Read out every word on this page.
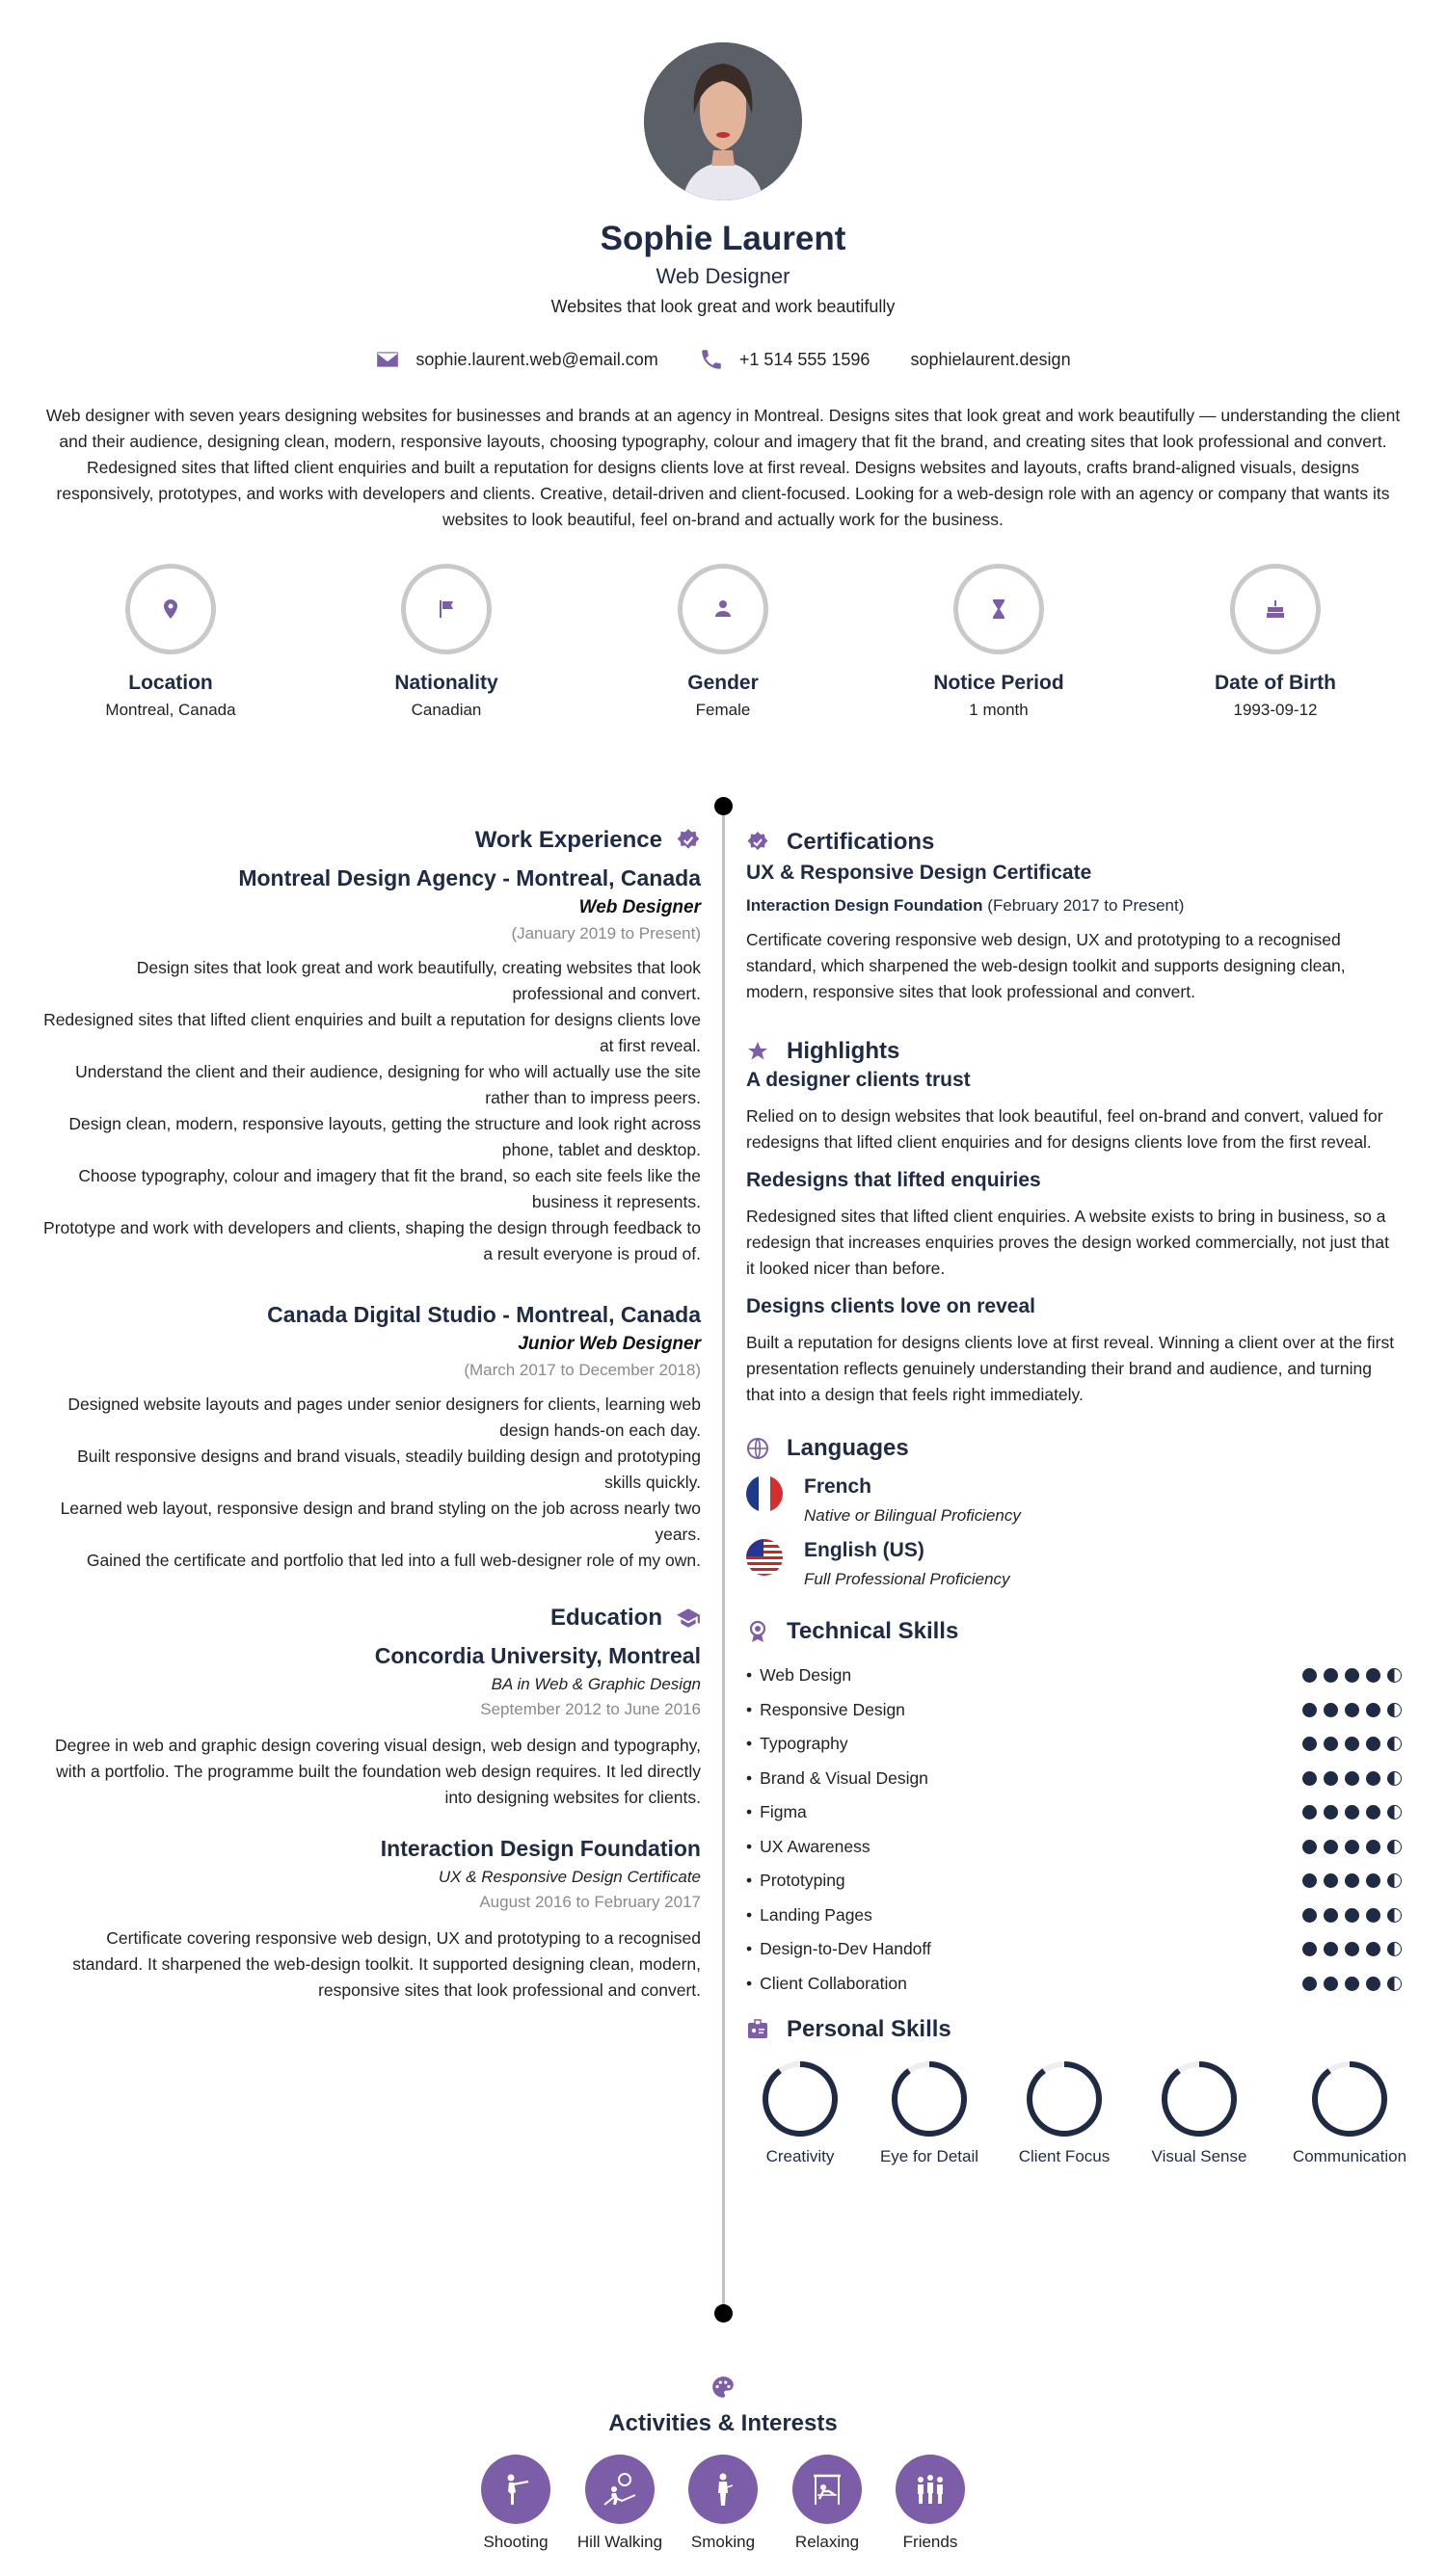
Sophie Laurent
Web Designer
Websites that look great and work beautifully
sophie.laurent.web@email.com	+1 514 555 1596 sophielaurent.design
Web designer with seven years designing websites for businesses and brands at an agency in Montreal. Designs sites that look great and work beautifully — understanding the client and their audience, designing clean, modern, responsive layouts, choosing typography, colour and imagery that fit the brand, and creating sites that look professional and convert. Redesigned sites that lifted client enquiries and built a reputation for designs clients love at first reveal. Designs websites and layouts, crafts brand-aligned visuals, designs responsively, prototypes, and works with developers and clients. Creative, detail-driven and client-focused. Looking for a web-design role with an agency or company that wants its websites to look beautiful, feel on-brand and actually work for the business.
Location
Montreal, Canada
Nationality
Canadian
Gender
Female
Notice Period
1 month
Date of Birth
1993-09-12
Work Experience
Montreal Design Agency - Montreal, Canada
Web Designer
(January 2019 to Present)
Design sites that look great and work beautifully, creating websites that look professional and convert.
Redesigned sites that lifted client enquiries and built a reputation for designs clients love at first reveal.
Understand the client and their audience, designing for who will actually use the site rather than to impress peers.
Design clean, modern, responsive layouts, getting the structure and look right across phone, tablet and desktop.
Choose typography, colour and imagery that fit the brand, so each site feels like the business it represents.
Prototype and work with developers and clients, shaping the design through feedback to a result everyone is proud of.
Canada Digital Studio - Montreal, Canada
Junior Web Designer
(March 2017 to December 2018)
Designed website layouts and pages under senior designers for clients, learning web design hands-on each day.
Built responsive designs and brand visuals, steadily building design and prototyping skills quickly.
Learned web layout, responsive design and brand styling on the job across nearly two years.
Gained the certificate and portfolio that led into a full web-designer role of my own.
Education
Concordia University, Montreal
BA in Web & Graphic Design
September 2012 to June 2016
Degree in web and graphic design covering visual design, web design and typography, with a portfolio. The programme built the foundation web design requires. It led directly into designing websites for clients.
Interaction Design Foundation
UX & Responsive Design Certificate
August 2016 to February 2017
Certificate covering responsive web design, UX and prototyping to a recognised standard. It sharpened the web-design toolkit. It supported designing clean, modern, responsive sites that look professional and convert.
Certifications
UX & Responsive Design Certificate
Interaction Design Foundation (February 2017 to Present)
Certificate covering responsive web design, UX and prototyping to a recognised standard, which sharpened the web-design toolkit and supports designing clean, modern, responsive sites that look professional and convert.
Highlights
A designer clients trust
Relied on to design websites that look beautiful, feel on-brand and convert, valued for redesigns that lifted client enquiries and for designs clients love from the first reveal.
Redesigns that lifted enquiries
Redesigned sites that lifted client enquiries. A website exists to bring in business, so a redesign that increases enquiries proves the design worked commercially, not just that it looked nicer than before.
Designs clients love on reveal
Built a reputation for designs clients love at first reveal. Winning a client over at the first presentation reflects genuinely understanding their brand and audience, and turning that into a design that feels right immediately.
Languages
French
Native or Bilingual Proficiency
English (US)
Full Professional Proficiency
Technical Skills
• Web Design
• Responsive Design
• Typography
• Brand & Visual Design
• Figma
• UX Awareness
• Prototyping
• Landing Pages
• Design-to-Dev Handoff
• Client Collaboration
Personal Skills
Creativity	Eye for Detail	Client Focus	Visual Sense	Communication
Activities & Interests
Shooting	Hill Walking	Smoking	Relaxing	Friends
